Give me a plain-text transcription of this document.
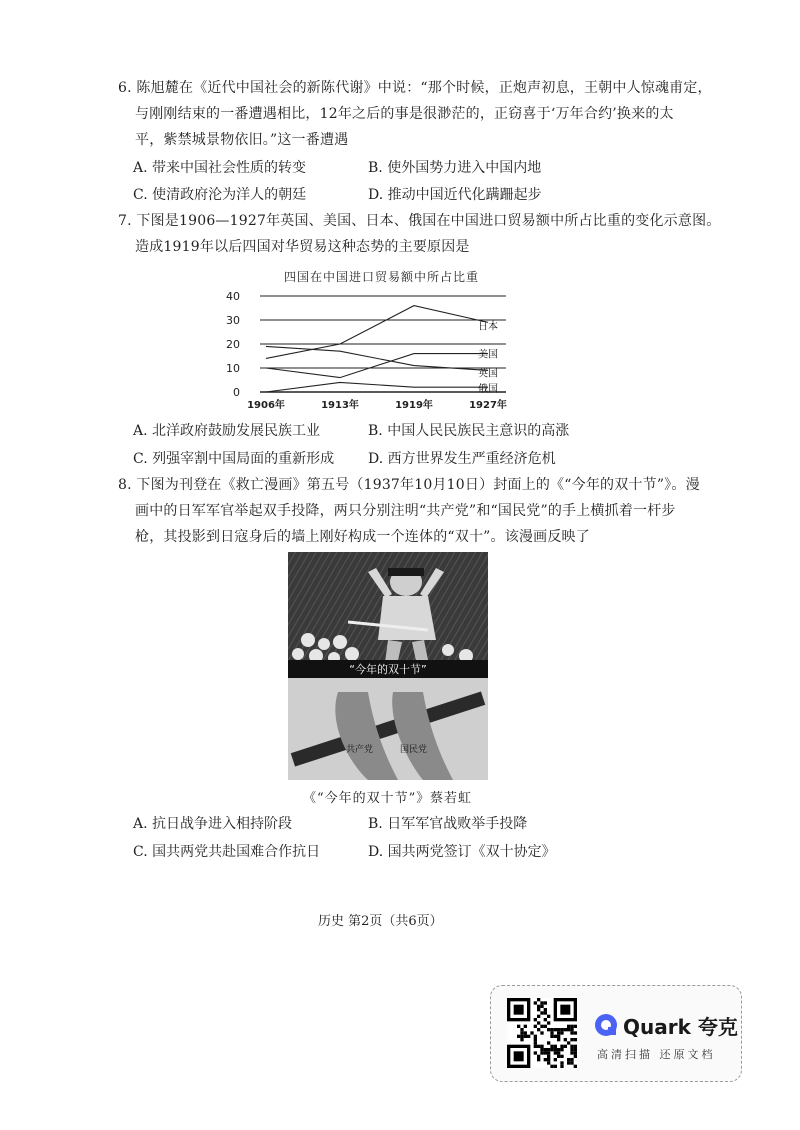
6. 陈旭麓在《近代中国社会的新陈代谢》中说：“那个时候，正炮声初息，王朝中人惊魂甫定，
与刚刚结束的一番遭遇相比，12年之后的事是很渺茫的，正窃喜于‘万年合约’换来的太
平，紫禁城景物依旧。”这一番遭遇
A. 带来中国社会性质的转变	B. 使外国势力进入中国内地
C. 使清政府沦为洋人的朝廷	D. 推动中国近代化蹒跚起步
7. 下图是1906—1927年英国、美国、日本、俄国在中国进口贸易额中所占比重的变化示意图。
造成1919年以后四国对华贸易这种态势的主要原因是
四国在中国进口贸易额中所占比重
40
30
20
10
0
1906年	1913年	1919年	1927年
日本
美国
英国
俄国
A. 北洋政府鼓励发展民族工业	B. 中国人民民族民主意识的高涨
C. 列强宰割中国局面的重新形成 D. 西方世界发生严重经济危机
8. 下图为刊登在《救亡漫画》第五号（1937年10月10日）封面上的《“今年的双十节”》。漫
画中的日军军官举起双手投降，两只分别注明“共产党”和“国民党”的手上横抓着一杆步
枪，其投影到日寇身后的墙上刚好构成一个连体的“双十”。该漫画反映了
“今年的双十节”
共产党	国民党
《“今年的双十节”》 蔡若虹
A. 抗日战争进入相持阶段	B. 日军军官战败举手投降
C. 国共两党共赴国难合作抗日	D. 国共两党签订《双十协定》
历史 第2页（共6页）
Quark 夸克
高清扫描 还原文档
